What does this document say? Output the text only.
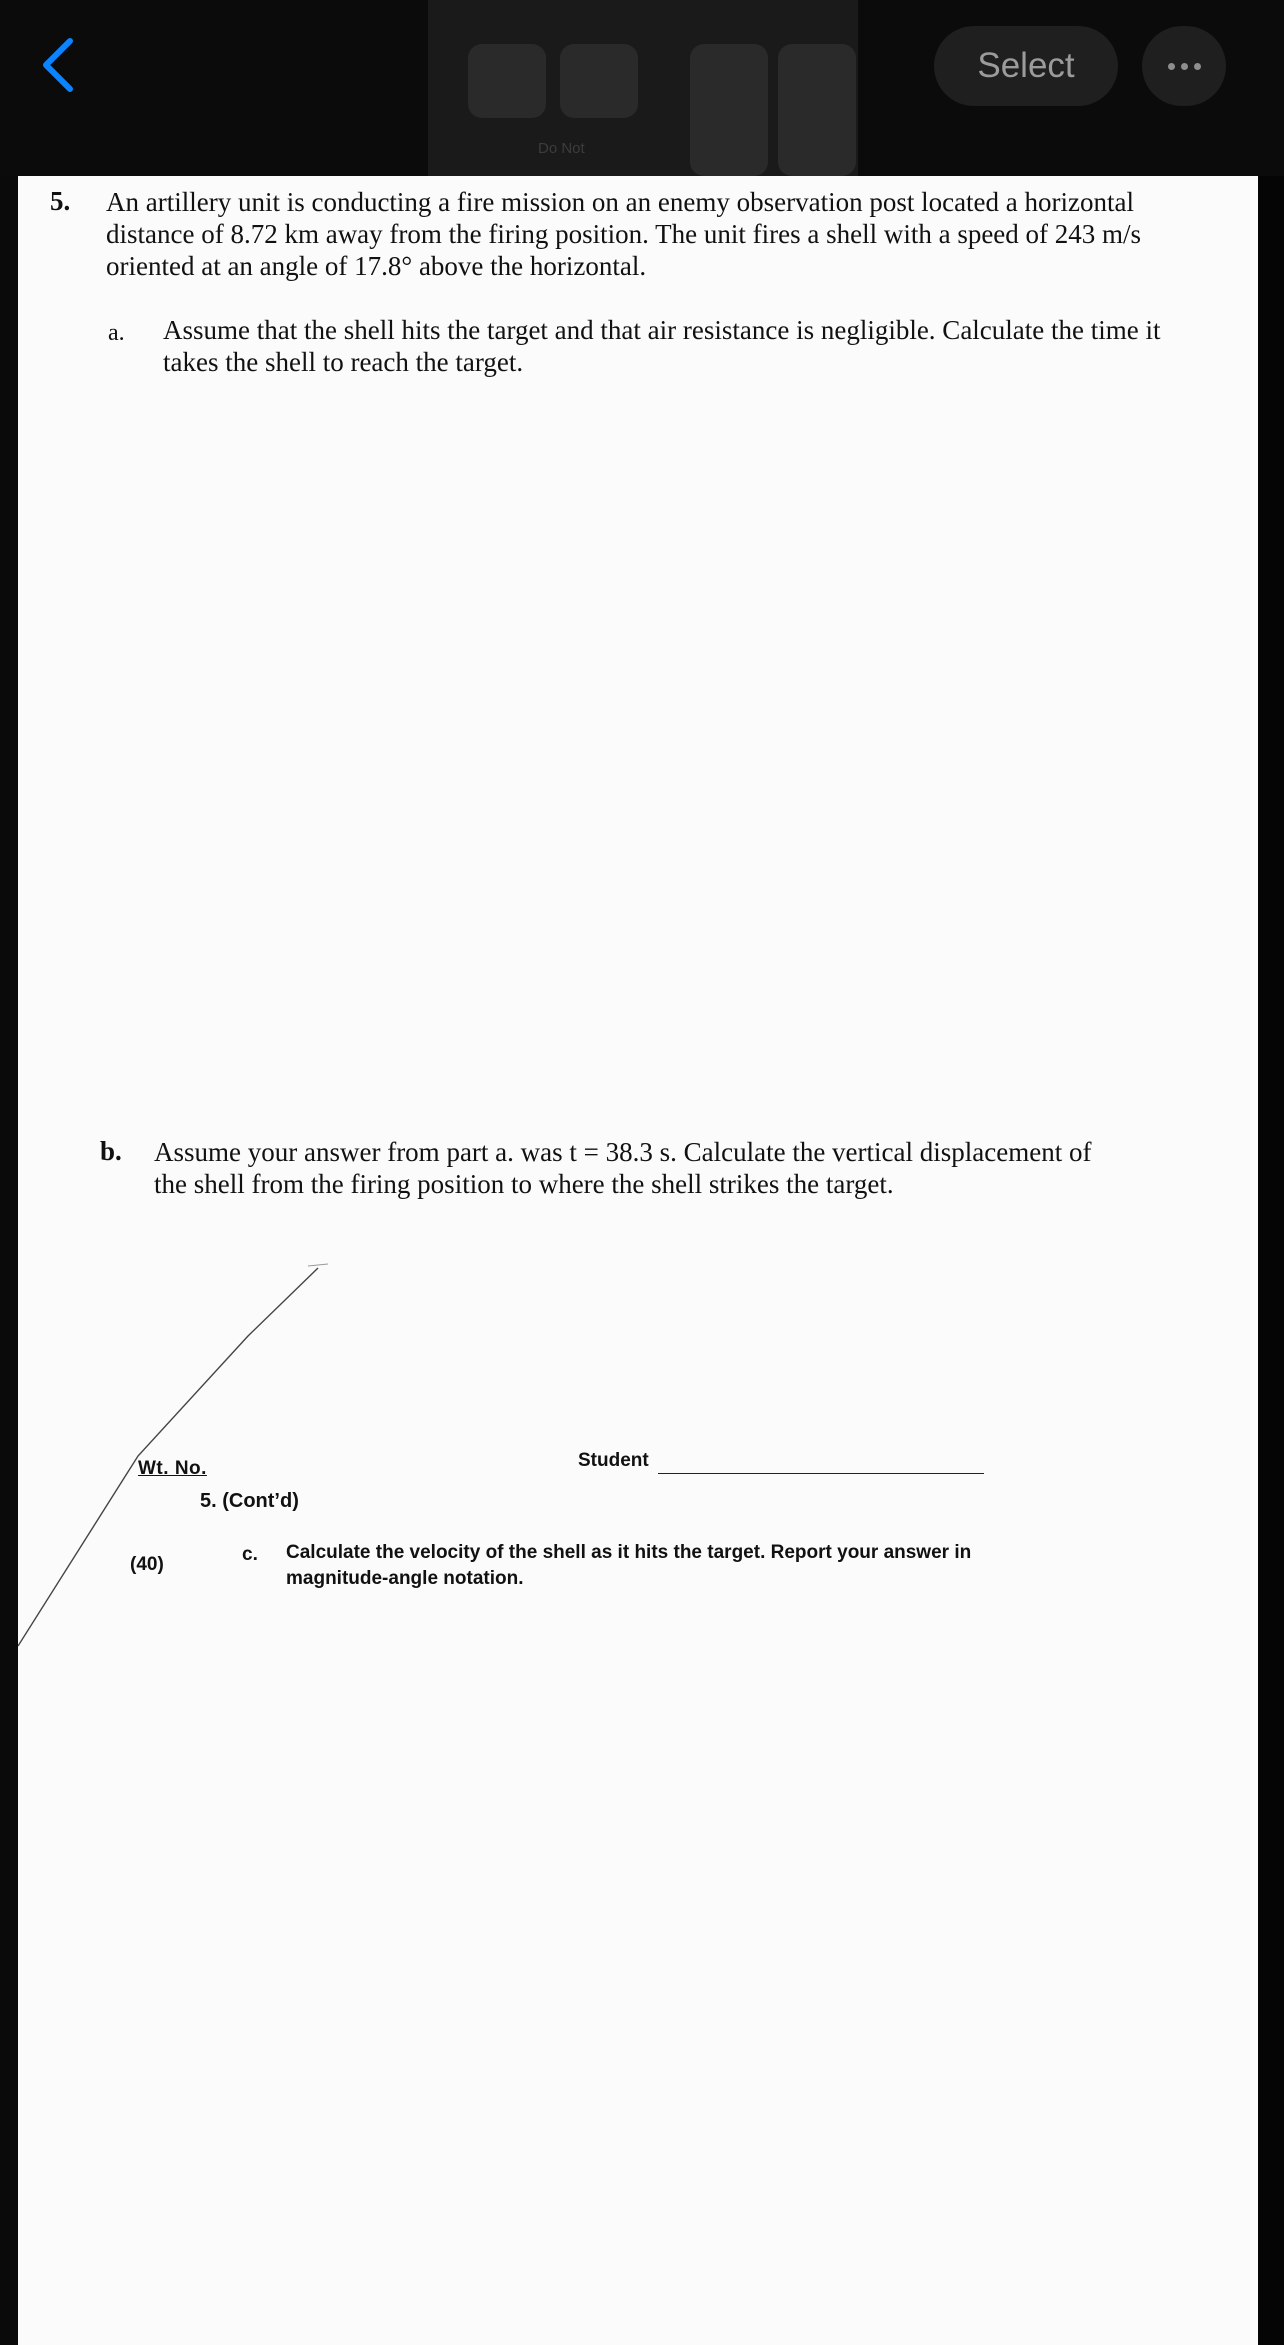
Do Not
Select
5. An artillery unit is conducting a fire mission on an enemy observation post located a horizontal distance of 8.72 km away from the firing position. The unit fires a shell with a speed of 243 m/s oriented at an angle of 17.8° above the horizontal.
a. Assume that the shell hits the target and that air resistance is negligible. Calculate the time it takes the shell to reach the target.
b. Assume your answer from part a. was t = 38.3 s. Calculate the vertical displacement of the shell from the firing position to where the shell strikes the target.
Wt. No.	Student
5. (Cont’d)
(40)	c. Calculate the velocity of the shell as it hits the target. Report your answer in magnitude-angle notation.
